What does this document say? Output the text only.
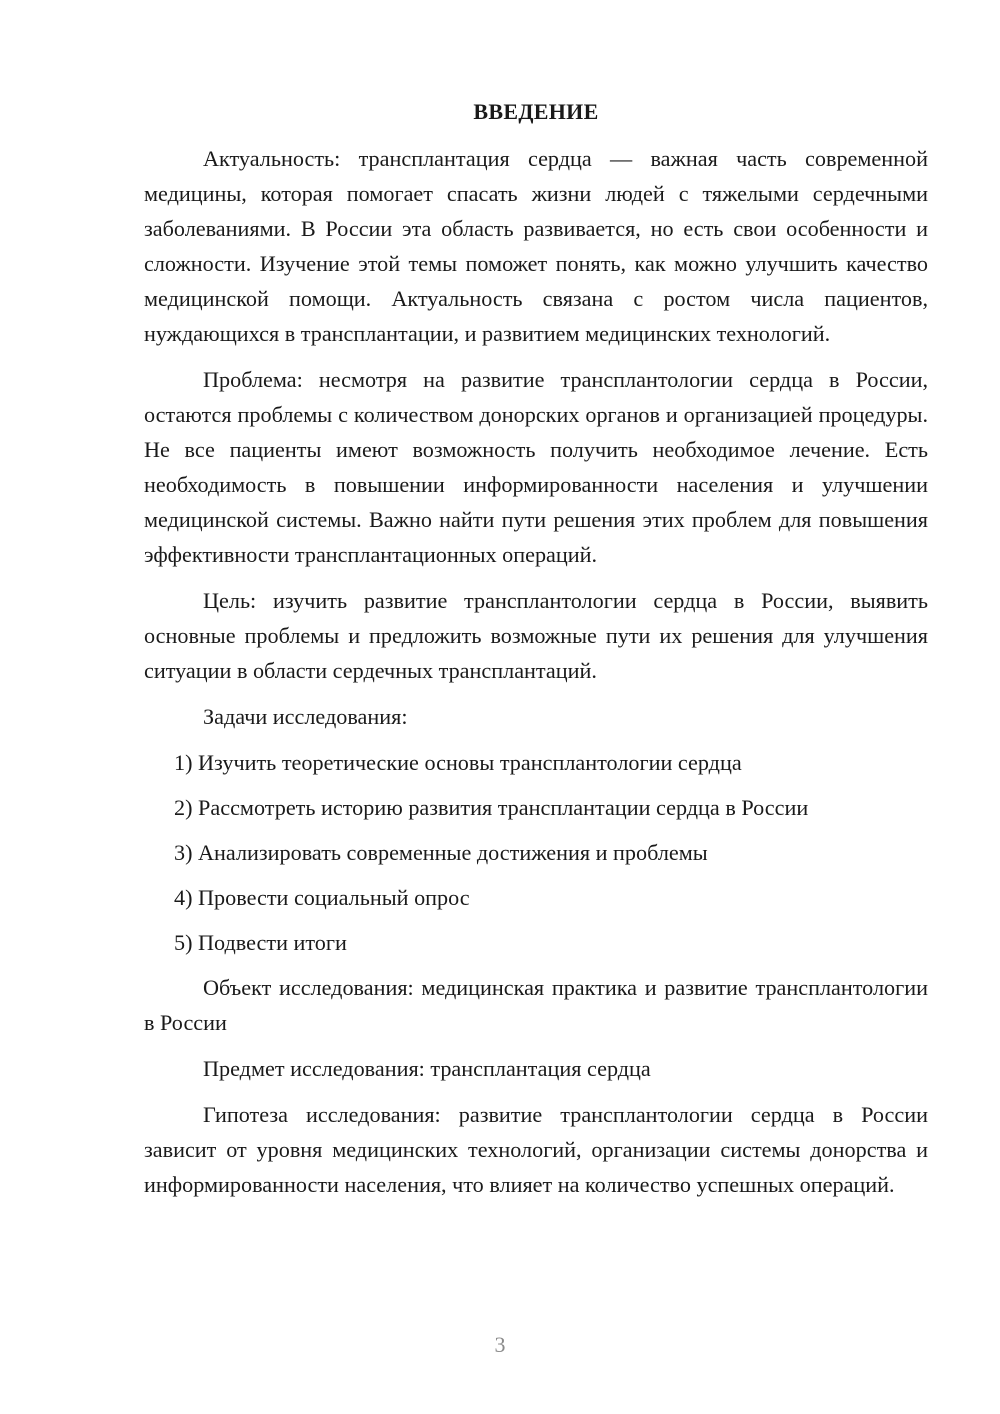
ВВЕДЕНИЕ

Актуальность: трансплантация сердца — важная часть современной медицины, которая помогает спасать жизни людей с тяжелыми сердечными заболеваниями. В России эта область развивается, но есть свои особенности и сложности. Изучение этой темы поможет понять, как можно улучшить качество медицинской помощи. Актуальность связана с ростом числа пациентов, нуждающихся в трансплантации, и развитием медицинских технологий.

Проблема: несмотря на развитие трансплантологии сердца в России, остаются проблемы с количеством донорских органов и организацией процедуры. Не все пациенты имеют возможность получить необходимое лечение. Есть необходимость в повышении информированности населения и улучшении медицинской системы. Важно найти пути решения этих проблем для повышения эффективности трансплантационных операций.

Цель: изучить развитие трансплантологии сердца в России, выявить основные проблемы и предложить возможные пути их решения для улучшения ситуации в области сердечных трансплантаций.

Задачи исследования:

1) Изучить теоретические основы трансплантологии сердца

2) Рассмотреть историю развития трансплантации сердца в России

3) Анализировать современные достижения и проблемы

4) Провести социальный опрос

5) Подвести итоги

Объект исследования: медицинская практика и развитие трансплантологии в России

Предмет исследования: трансплантация сердца

Гипотеза исследования: развитие трансплантологии сердца в России зависит от уровня медицинских технологий, организации системы донорства и информированности населения, что влияет на количество успешных операций.

3
